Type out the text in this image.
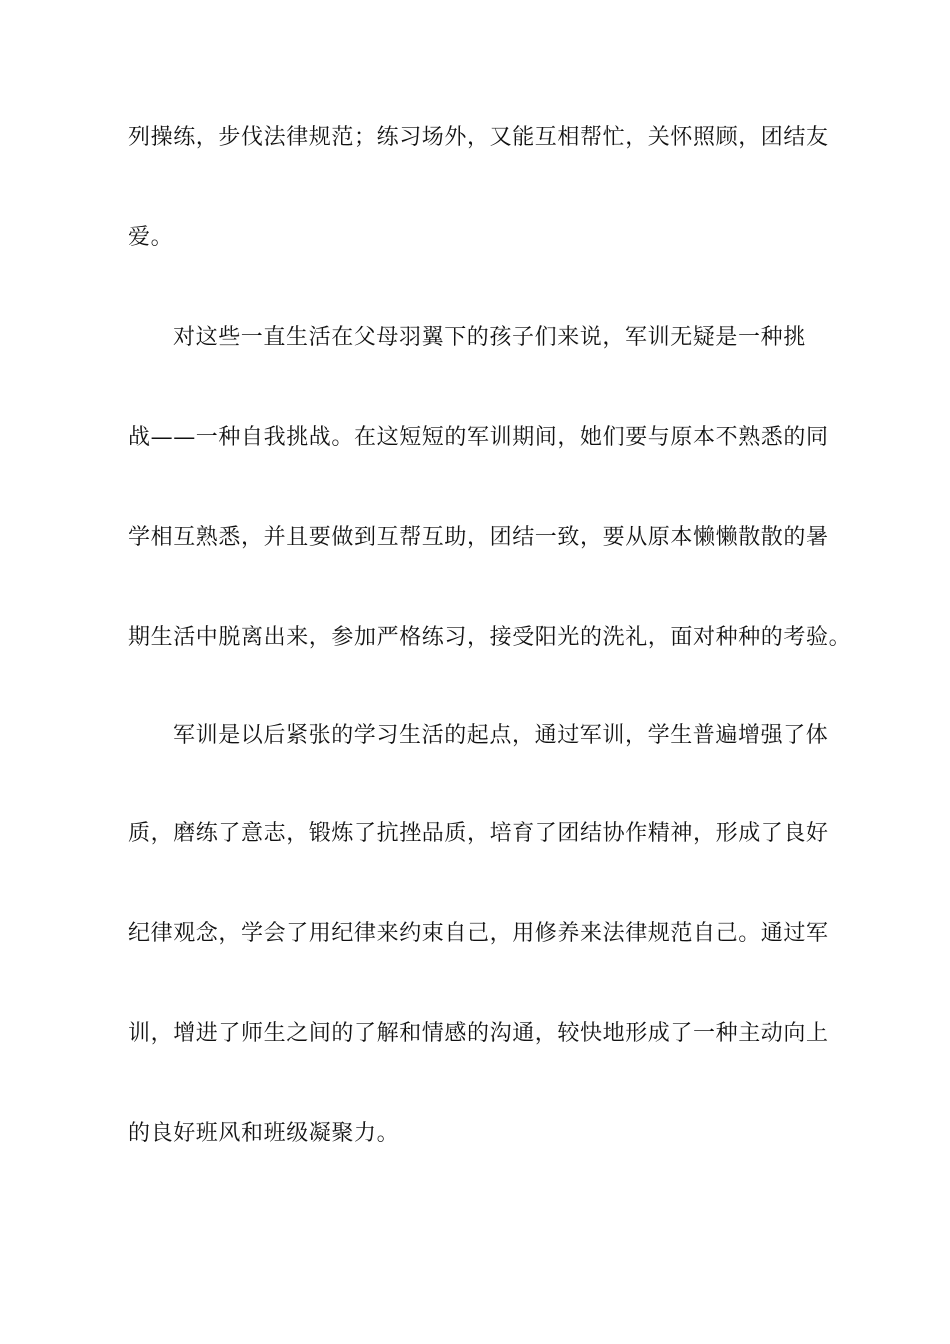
列操练，步伐法律规范；练习场外，又能互相帮忙，关怀照顾，团结友
爱。
对这些一直生活在父母羽翼下的孩子们来说，军训无疑是一种挑
战——一种自我挑战。在这短短的军训期间，她们要与原本不熟悉的同
学相互熟悉，并且要做到互帮互助，团结一致，要从原本懒懒散散的暑
期生活中脱离出来，参加严格练习，接受阳光的洗礼，面对种种的考验。
军训是以后紧张的学习生活的起点，通过军训，学生普遍增强了体
质，磨练了意志，锻炼了抗挫品质，培育了团结协作精神，形成了良好
纪律观念，学会了用纪律来约束自己，用修养来法律规范自己。通过军
训，增进了师生之间的了解和情感的沟通，较快地形成了一种主动向上
的良好班风和班级凝聚力。
